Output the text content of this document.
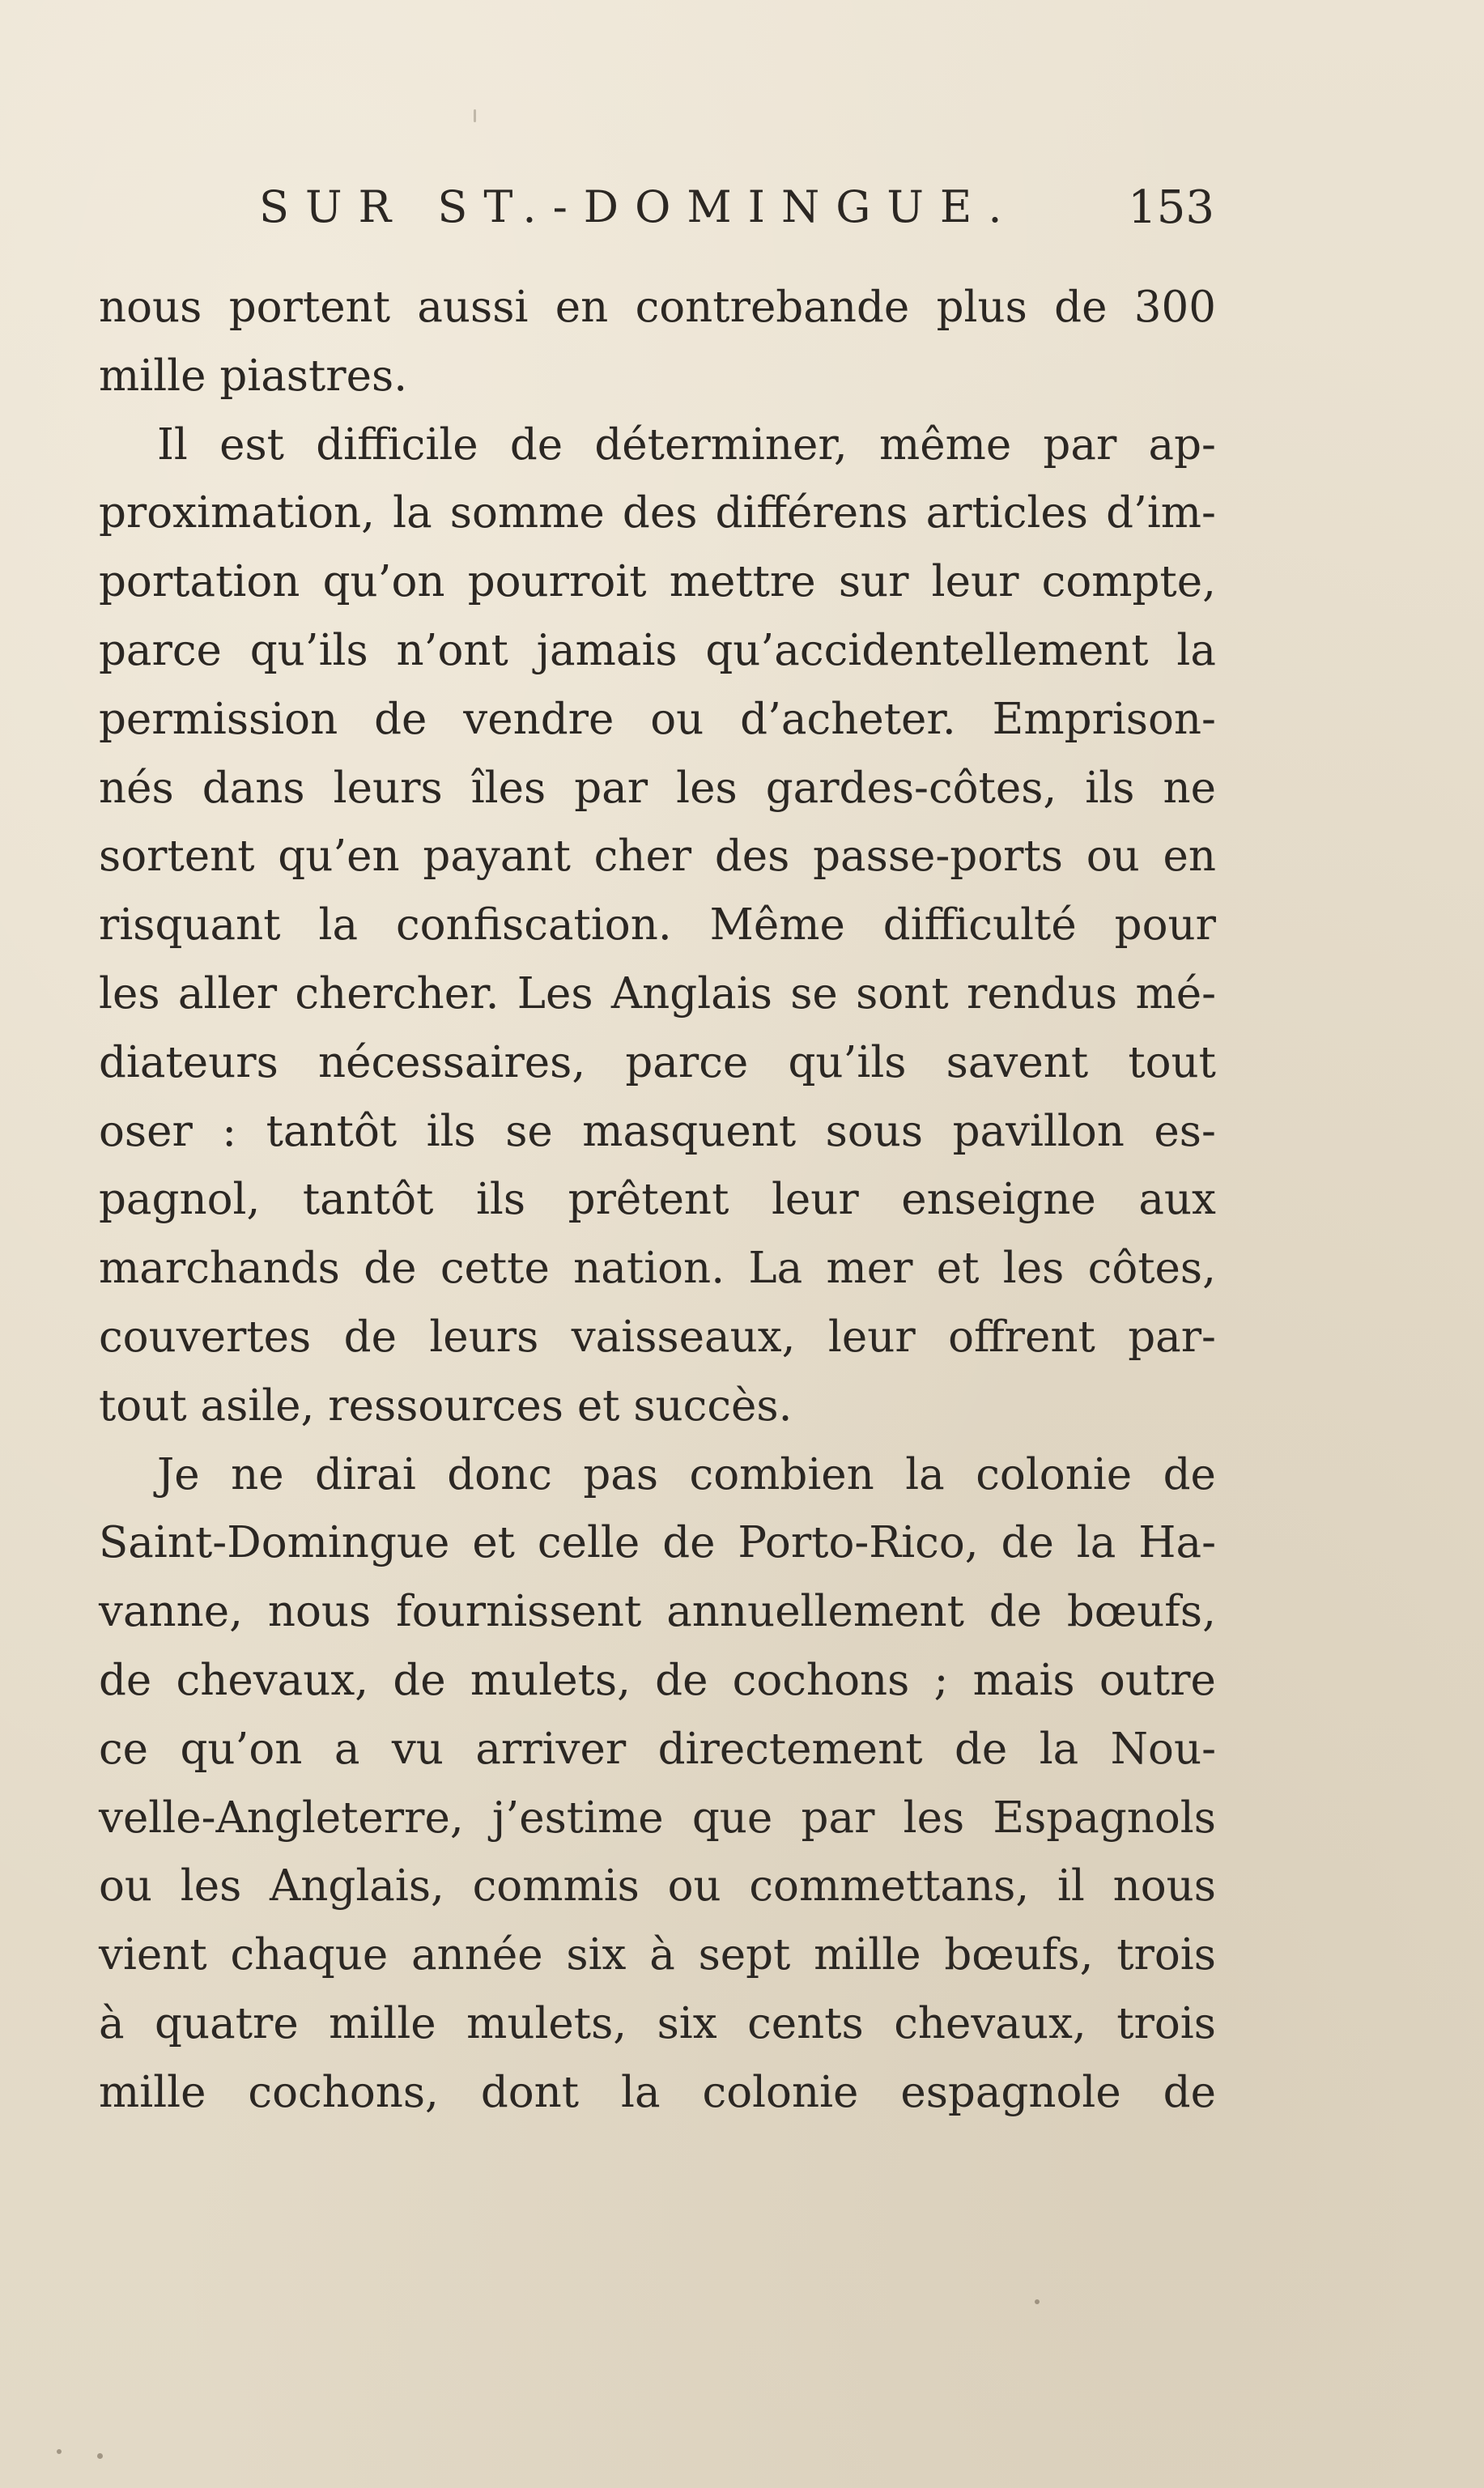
SUR ST.-DOMINGUE. 153
nous portent aussi en contrebande plus de 300
mille piastres.
Il est difficile de déterminer, même par ap-
proximation, la somme des différens articles d’im-
portation qu’on pourroit mettre sur leur compte,
parce qu’ils n’ont jamais qu’accidentellement la
permission de vendre ou d’acheter. Emprison-
nés dans leurs îles par les gardes-côtes, ils ne
sortent qu’en payant cher des passe-ports ou en
risquant la confiscation. Même difficulté pour
les aller chercher. Les Anglais se sont rendus mé-
diateurs nécessaires, parce qu’ils savent tout
oser : tantôt ils se masquent sous pavillon es-
pagnol, tantôt ils prêtent leur enseigne aux
marchands de cette nation. La mer et les côtes,
couvertes de leurs vaisseaux, leur offrent par-
tout asile, ressources et succès.
Je ne dirai donc pas combien la colonie de
Saint-Domingue et celle de Porto-Rico, de la Ha-
vanne, nous fournissent annuellement de bœufs,
de chevaux, de mulets, de cochons ; mais outre
ce qu’on a vu arriver directement de la Nou-
velle-Angleterre, j’estime que par les Espagnols
ou les Anglais, commis ou commettans, il nous
vient chaque année six à sept mille bœufs, trois
à quatre mille mulets, six cents chevaux, trois
mille cochons, dont la colonie espagnole de
